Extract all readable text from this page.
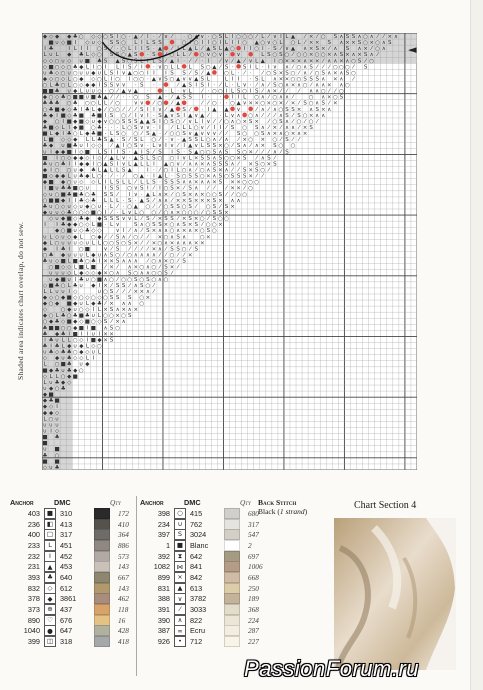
Shaded area indicates chart overlap, do not sew.
◆ ◇ ◆ ◆ ♣ ○ ◇ ◇ ○ S I ○ · ▲ ⁄ I · ⁄ ∨ ⁄ · ○ ▲ ∨ · ○ S L I ○ ○ ○ ⁄ L ⁄ ∨ I L ▲ ⁄ × ⁄ ○ S ∧ S S ∧ ○ ∧ ⁄ ⁄ × ∧
■ ∪ ◇ ■ I ◇ ∪ ◇ S S ○ L I L S S	○ I ○ I I ○ I L I I ○ ▲ ○ ∨ ○ L ○ L ⁄ × × S ∧ × × S ○ × ○ ∧ S
I ♣	I L I I ○ S ⁄ · ○ L I I S · ▲ ⁄ I L ▲ L ⁄ ▲ S L ▲ ○ I I ○ I · S ⁄ ∨ ▲ ∧ × S × ⁄ ∧ S ∧ × ⁄ ○ ∧
L ∪ L ◆ ♣ L ◇ ○ S S ○ ▲ S · S ⁄ ○ L L ⁄ ○ ∨ ○ ∨ · ∨	L S ○ S ○ ⁄ ○ ○ × ○ ○ × ∧ S × ∧ × S ∧ ⁄
◇ ◇ ○ ∪ ◇ ∪ ■ ♣ S ▲ S ○ S L I L S ⁄ ▲ I · ⁄ ⁄ · I ⁄ ∨ ⁄ ▲ ⁄ ∨ L ▲ I ○ × × × ∧ × × ⁄ ∧ ∧ × ∧ ○ S ⁄ ○
◇ ■ ○ ◇ ○ ♣ ◆ L I ○ I L I S ⁄ I · ∨ ○ L L L S ○ ▲ ⁄ S · S I L · I ∨ ∧ ⁄ ○ ∧ S ⁄ ⁄ ⁄ ○ ○ ○ ⁄ S
∪ ♣ ◇ ○ ∪ ○ ∪ ∪ ◆ ∪ L S I ∨ ▲ ○ ○ I I I S S ⁄ S ⁄ ▲ ○ L · ⁄ · ⁄ ○ S × S ○ ⁄ ∧ ⁄ ○ S ∧ × ∧ S ○
◆ ◇ ○ ◇ L ○ ◆ ◇ ○ L I ○ I ○ ○ · ▲ ∨ S ○ ▲ ∨ ∨ ▲ S L	L I I · S L ∧ × × ○ ○ S S S ∧ × ∧ ⁄
○ L ♣ ○ L ○ ◇ ◆ ◆ I S S ∨ ∨ · S · ·	⁄ ▲ S I S I · ⁄ L · L ∨ · ⁄ ∧ ⁄ S ○ ∧ × ∧ ○ ⁄ ∧ ∧ × ∧ ○
■ ■ ♣ ∪ ◆ L ∪ ∪ ◇ · ○ ⁄ ▲ ∨ ▲ ·	· L · ∨ L ⁄ · ○ ○ I L S ○ I S ⁄ ∧ × ⁄ ⁄ ⁄ ∧ ∧ ○ ⁄ ⁄ ○
◆ ○ ◇ ♣ ○ ■ ■ ∪ ■ ♣ ▲ ⁄ ⁄ · · ○ S ▲ · ⁄ ▲ S S I · · I I L ○ ∧ ⁄ ○ ∧ ∧ ⁄	○ ∧ × ○ S
♣ ♣ ♣ ○ ♣ ○ ○ L L ⁄ ○ ∨ ∨ ⁄ ○ ⁄ ▲	⁄ ⁄ ○ · · ○ ▲ ∨ × × ○ × ○ × ⁄ × ⁄ S ○ ∧ S ⁄ ×
○ ♣ ■ ◆ ◇ ♣ I ♣ L ◆ ⁄ ○ ○ ⁄ ⁄ ⁄ S I I ∨ ⁄ ▲ S ⁄ · I ▲ ▲ ∨	⁄ ∧ ⁄ ∧ ○ S S × ∧ S × ∧
♣ ◆ I ■ ◇ ♣ ■ ♣ ■ I S ○ ⁄ I ∨ I · S ▲ ∨ S I ▲ ∨ ▲ ⁄ · L ∨ ∧ ○ ∧ ⁄ ⁄ ⁄ ∧ S ⁄ S ○ × ∧ ∧
◆ ○ I ■ ◆ ■ ◇ ∪ ◆ ∨ ○ ○ S S S ▲ ▲ S I ○ S ○ ⁄ ∨ L I ∨ ⁄ ⁄ ○ ∧ ○ × S × ⁄ ○ S ∧ ⁄ ○ ⁄ ○ ⁄
♣ ■ ◇ L I ◆ ■ ○ ♣ · · · L ○ S ∨ ∨ · I ⁄ L L L ○ ∨ ⁄ I I ⁄ S ○ S ∧ ⁄ × ⁄ ∧ ∧ ⁄ × S
■ L ◆ I ♣ ○ L ◆ ♣ ■ · L S ○ ○ ⁄ S ▲ · ⁄ ○ ○ S ∨ ▲ ∨ ∨ ∨ ⁄ ⁄ S ○ ○ S ∧ × ∧ ○ × ∧ ×
L ■ ◇ ◇ ◆ L L ♣ S ▲ · S ⁄ S L ○ ⁄ · ∨ · ▲ S S L ○ ∧ ⁄ ∧ ⁄ × ○ × ○ ⁄ S ⁄ ⁄
♣ ◆ ∪ ■ ♣ ∪ I ◇ ◇ ⁄ ▲ I ○ S ∨ · L ∨ I ∨ ⁄ I ▲ ∨ L S S × ○ ⁄ S ∧ ⁄ ∧ × S ○ ○
∪ I ◆ ◆ ■ I ◇ ■ L S I I S · ▲ I S ⁄ S I S · S ▲ ○ ○ S ∧ S S ○ × ⁄ ⁄ ⁄ ∧ ⁄ S
■ I ○ ◇ ◆ ◆ ◇ I ◇ ⁄ ▲ L ∨ · ▲ S L S ○ ○ I ∨ L × S S ∧ S ○ ○ × S ⁄ ∧ S ⁄
♣ ∪ ○ ♣ I I ◆ ◆ I ○ ▲ S I ∨ L ▲ L L I ▲ ○ ∨ ⁄ ∧ ∧ × ∧ S S S ∧ ⁄ × S ○ × S
◆ I ○ ○ ∪ ◆ ♣ L ▲ L L S ▲	I · ⁄ ○ I L ○ ∧ ⁄ ○ ∧ S × ∧ ⁄ ⁄ S × S ○ ⁄
■ ◇ ◆ ◆ L ∪ ♣ ◆ L ○ · ⁄ · ⁄ ○ ▲ · I ▲ L · S ○ S S ○ × ∧ S ○ S S S × ⁄ ⁄
◆ ■ ◆ ○ ∪ ◇ ◇ L I L S L L ⁄ L L S · S S S ∧ ∧ × ∧ ∧ × S × × ○ ○ ○
I ■ ∪ ♣ ♣ ■ ○ ∪	I S S ○ ∨ S I ⁄ I ○ S × ⁄ S ∧ ⁄ ⁄ ⁄ × × ⁄ ○
◇ ∪ ○ ■ ♣ ■ ♣ ○ ♣ S S ⁄ I ∨ · ▲ L ∧ × ⁄ ○ S × ∧ × ○ ○ S ⁄ ⁄ ○ ○
○ ■ ■ ◆ I I ♣ ◇ ♣ L L L · S · ▲ S ⁄ ∧ ∧ ⁄ × × S × × × S × ∧ ∧
♣ ∪ ○ ◇ ∪ ◇ ∪ ◆ ○ ∪ · L ⁄ · ○ ▲ ○ ⁄ ⁄ ○ S S ○ S ⁄ ○ S ⁄ S ×
◆ ∪ ∪ ◇ ♣ ○ ○ ◇ ■ ○ I ⁄ · L ∨ L ○ ○ ⁄ ○ ∧ × ○ ○ ○ ⁄ ○ S S ×
◇ ∪ ◆ ■ ◇ ♣ ◆ ◆ S S S ∨ ∨ L ⁄ S ⁄ × S S ⁄ × S × ○ ⁄ S ○ ○
I I ♣ ◆ ◆ ○ ◇ L ■ · L ∨	S ∧ ○ S S × ○ ∧ S × S ⁄ ○ ○ ×
◆ ○ ■ ∪ ◇ ♣ ◇ ◇	∨ I ⁄ ∧ ⁄ S × ∧ ∧ ○ ∧ × ∧ × ○ S ○
∪ L ◇ ∪ ◇ ◆ L ○ ◆ ⁄ ⁄ S ∧ ⁄ ○ ⁄ ⁄ × ○ ∧ S ∧ ○ ×
◆ L ○ ∪ ∪ ∪ ◇ ∪ L L ○ ○ S ○ S × ⁄ ⁄ × ○ ∧ × ∧ ∧ ∧ × ×
◆ I ♣ I ○ ■ ∨ ⁄ S ⁄ ⁄ ⁄ ⁄ × ∧ ⁄ S S ○ ⁄ S
○ ♣ ◆ ∪ ∪ ∪ L ◆ ∪ ∧ S ○ ⁄ ○ ∧ ∧ ∧ ∧ ⁄ ⁄ ○ ⁄ ⁄ ×
♣ ∪ ◇ ■ L ■ ♣ ○ ♣ I × × S ∧ ∧ ∧ ⁄ ○ ∧ × ○ ⁄ S
○ ■ ◇ ◇ L ■ L ■ ⁄ × ⁄ ∧ × ○ ∧ ○ ⁄ S × ⁄
∪ ∪ ∪ ◇ L ◆ ◇ ◇ ◆ × ○ ∧ S ○ ∧ ∧ ○ ○ S ⁄
∪ ◆ ■ ∪ I ♣ ∪ ○ ■ ∧ ○ ⁄ ○ ○ S ○ S ○ ∧ ○
◇ ■ ♣ ○ L ♣ ∪ ◆ I × ⁄ S S ⁄ ∧ S ○ ⁄
L L ∪ ∪ I ◇	∪ ○ S ⁄ ⁄ ⁄ × × ∧ ⁄
◆ ◇ ○ ◆ ■ ◇ ○ ◇ ○ ◇ ○ S S S ○ ×
◆ ○ ◆ ■ ◆ ∪ L ◆ ♣ ⁄ × ∧ ∧ ○
◇ ○ ◆ ∪ ○ ◇ I L × S ∧ × ∧ ×
◆ ○ L ♣ ○ ♣ ■ ♣ ∪ L ○ ○ × ○ S
○ ◆ ♣ ◇ ■ ◆ ◇ ■ ○ ◇ S ⁄ × ∧
♣ ■ ■ ○ ○ ◆ ■ I ■ ∧ S ○
♣ ◆ ♣ I ■ I I ∪ I × ×
I ♣ ∪ L L ○ ◇ I ■ ◆ × S
♣ I ♣ L ◆ ∪ ◆ L ◇ ○
∪ ♣ ◇ ♣ ♣ ○ ◆ ◇ ∪ L
◇ ◆ ∪ ♣ ◇ ◇ L I
L ○ ■ ♣ ∪ ◆
■ ◆ ♣ ∪ ♣ ◆ ○
◇ L L ○ ◆ ■
L ∪ ♣ ◆ ◇
∪ ◆ ○ ♣
◆ ■
◆ ♣ ■
◆ ◇ I
◆ ◆ ◇
L ○ ∪
∪ ∪ ∪
∪ I ◇
■ ♣
■
∪ ■
♣ ○
■ ■
◇ ∪ ♣
◄
Anchor	DMC	Qty
403	■ 310	172
236	◧ 413	410
400	□ 317	364
233	L	451	886
232	I	452	573
231	▲	453	143
393	♣ 640	667
832	◇	612	143
378	◆	3861	462
373	⊕ 437	118
890	♡ 676	16
1040	● 647	428
399	◫ 318	418
Anchor	DMC	Qty
398	○ 415	680
234	∪	762	317
397	S	3024	547
1	■ Blanc	2
392	⧗	642	697
1082	⋈ 841	1006
899	× 842	668
831	▲	613	250
388	∨	3782	189
391	⁄	3033	368
390	∧	822	224
387	∞ Ecru	287
926	•	712	227
Back Stitch
Black (1 strand)
Chart Section 4
PassionForum.ru
